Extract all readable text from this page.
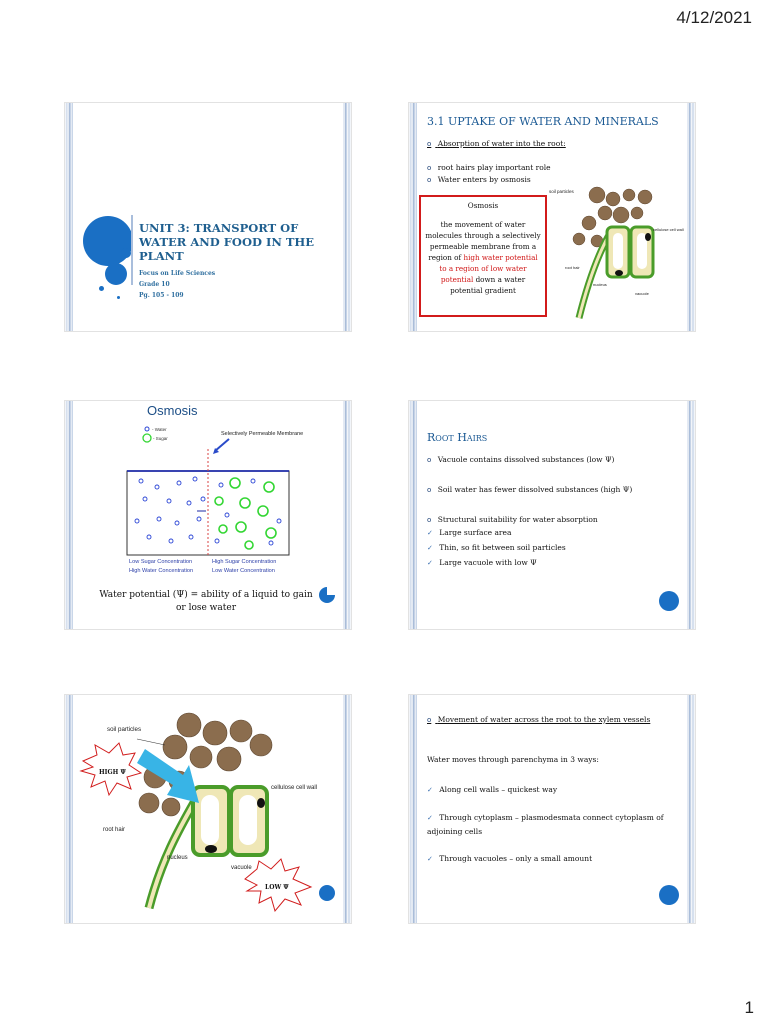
4/12/2021
UNIT 3: TRANSPORT OF WATER AND FOOD IN THE PLANT
Focus on Life Sciences
Grade 10
Pg. 105 - 109
3.1 UPTAKE OF WATER AND MINERALS
o Absorption of water into the root:
o root hairs play important role
o Water enters by osmosis
Osmosis
the movement of water molecules through a selectively permeable membrane from a region of high water potential to a region of low water potential down a water potential gradient
soil particles
cellulose cell wall
root hair
nucleus
vacuole
Osmosis
- Water
- Sugar
Selectively Permeable Membrane
Low Sugar Concentration
High Water Concentration
High Sugar Concentration
Low Water Concentration
Water potential (Ψ) = ability of a liquid to gain or lose water
Root Hairs
o Vacuole contains dissolved substances (low Ψ)
o Soil water has fewer dissolved substances (high Ψ)
o Structural suitability for water absorption
✓ Large surface area
✓ Thin, so fit between soil particles
✓ Large vacuole with low Ψ
soil particles
HIGH Ψ
cellulose cell wall
root hair
nucleus
vacuole
LOW Ψ
o Movement of water across the root to the xylem vessels
Water moves through parenchyma in 3 ways:
✓ Along cell walls – quickest way
✓ Through cytoplasm – plasmodesmata connect cytoplasm of adjoining cells
✓ Through vacuoles – only a small amount
1
